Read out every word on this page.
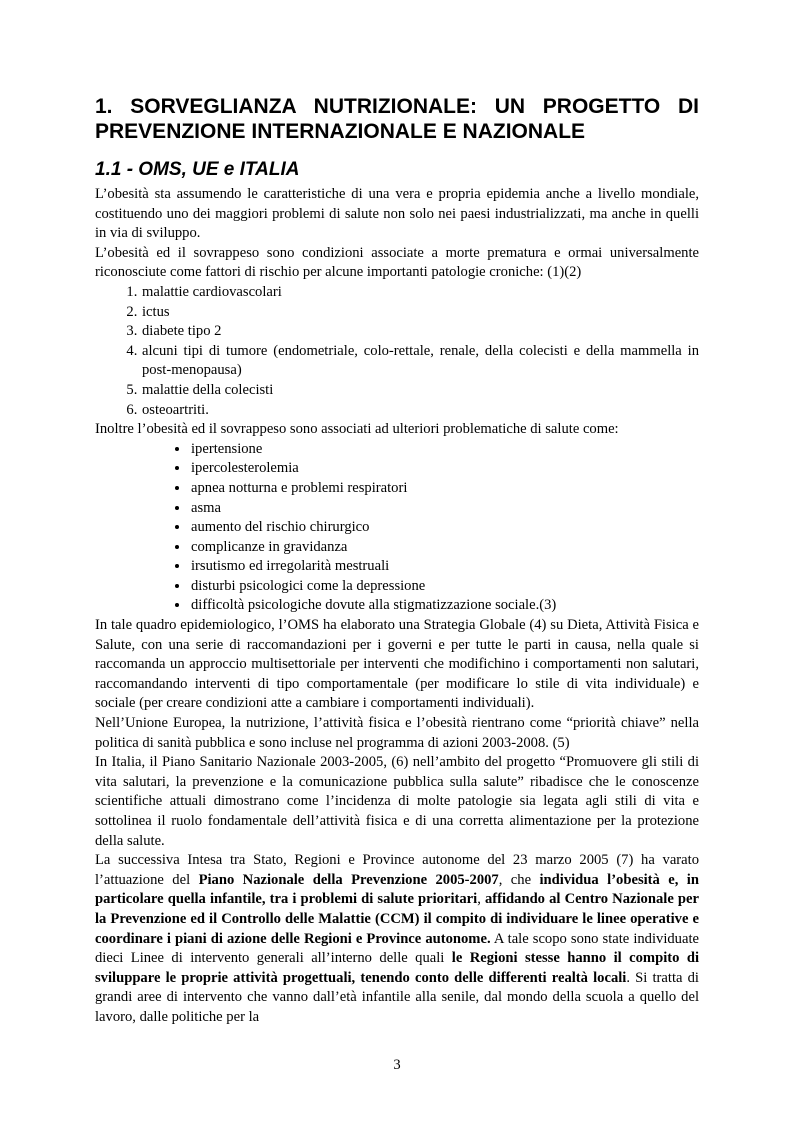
1. SORVEGLIANZA NUTRIZIONALE: UN PROGETTO DI PREVENZIONE INTERNAZIONALE E NAZIONALE
1.1 - OMS, UE e ITALIA

L’obesità sta assumendo le caratteristiche di una vera e propria epidemia anche a livello mondiale, costituendo uno dei maggiori problemi di salute non solo nei paesi industrializzati, ma anche in quelli in via di sviluppo.

L’obesità ed il sovrappeso sono condizioni associate a morte prematura e ormai universalmente riconosciute come fattori di rischio per alcune importanti patologie croniche: (1)(2)

1. malattie cardiovascolari
2. ictus
3. diabete tipo 2
4. alcuni tipi di tumore (endometriale, colo-rettale, renale, della colecisti e della mammella in post-menopausa)
5. malattie della colecisti
6. osteoartriti.

Inoltre l’obesità ed il sovrappeso sono associati ad ulteriori problematiche di salute come:

• ipertensione
• ipercolesterolemia
• apnea notturna e problemi respiratori
• asma
• aumento del rischio chirurgico
• complicanze in gravidanza
• irsutismo ed irregolarità mestruali
• disturbi psicologici come la depressione
• difficoltà psicologiche dovute alla stigmatizzazione sociale.(3)

In tale quadro epidemiologico, l’OMS ha elaborato una Strategia Globale (4) su Dieta, Attività Fisica e Salute, con una serie di raccomandazioni per i governi e per tutte le parti in causa, nella quale si raccomanda un approccio multisettoriale per interventi che modifichino i comportamenti non salutari, raccomandando interventi di tipo comportamentale (per modificare lo stile di vita individuale) e sociale (per creare condizioni atte a cambiare i comportamenti individuali).

Nell’Unione Europea, la nutrizione, l’attività fisica e l’obesità rientrano come “priorità chiave” nella politica di sanità pubblica e sono incluse nel programma di azioni 2003-2008. (5)

In Italia, il Piano Sanitario Nazionale 2003-2005, (6) nell’ambito del progetto “Promuovere gli stili di vita salutari, la prevenzione e la comunicazione pubblica sulla salute” ribadisce che le conoscenze scientifiche attuali dimostrano come l’incidenza di molte patologie sia legata agli stili di vita e sottolinea il ruolo fondamentale dell’attività fisica e di una corretta alimentazione per la protezione della salute.

La successiva Intesa tra Stato, Regioni e Province autonome del 23 marzo 2005 (7) ha varato l’attuazione del Piano Nazionale della Prevenzione 2005-2007, che individua l’obesità e, in particolare quella infantile, tra i problemi di salute prioritari, affidando al Centro Nazionale per la Prevenzione ed il Controllo delle Malattie (CCM) il compito di individuare le linee operative e coordinare i piani di azione delle Regioni e Province autonome. A tale scopo sono state individuate dieci Linee di intervento generali all’interno delle quali le Regioni stesse hanno il compito di sviluppare le proprie attività progettuali, tenendo conto delle differenti realtà locali. Si tratta di grandi aree di intervento che vanno dall’età infantile alla senile, dal mondo della scuola a quello del lavoro, dalle politiche per la

3
